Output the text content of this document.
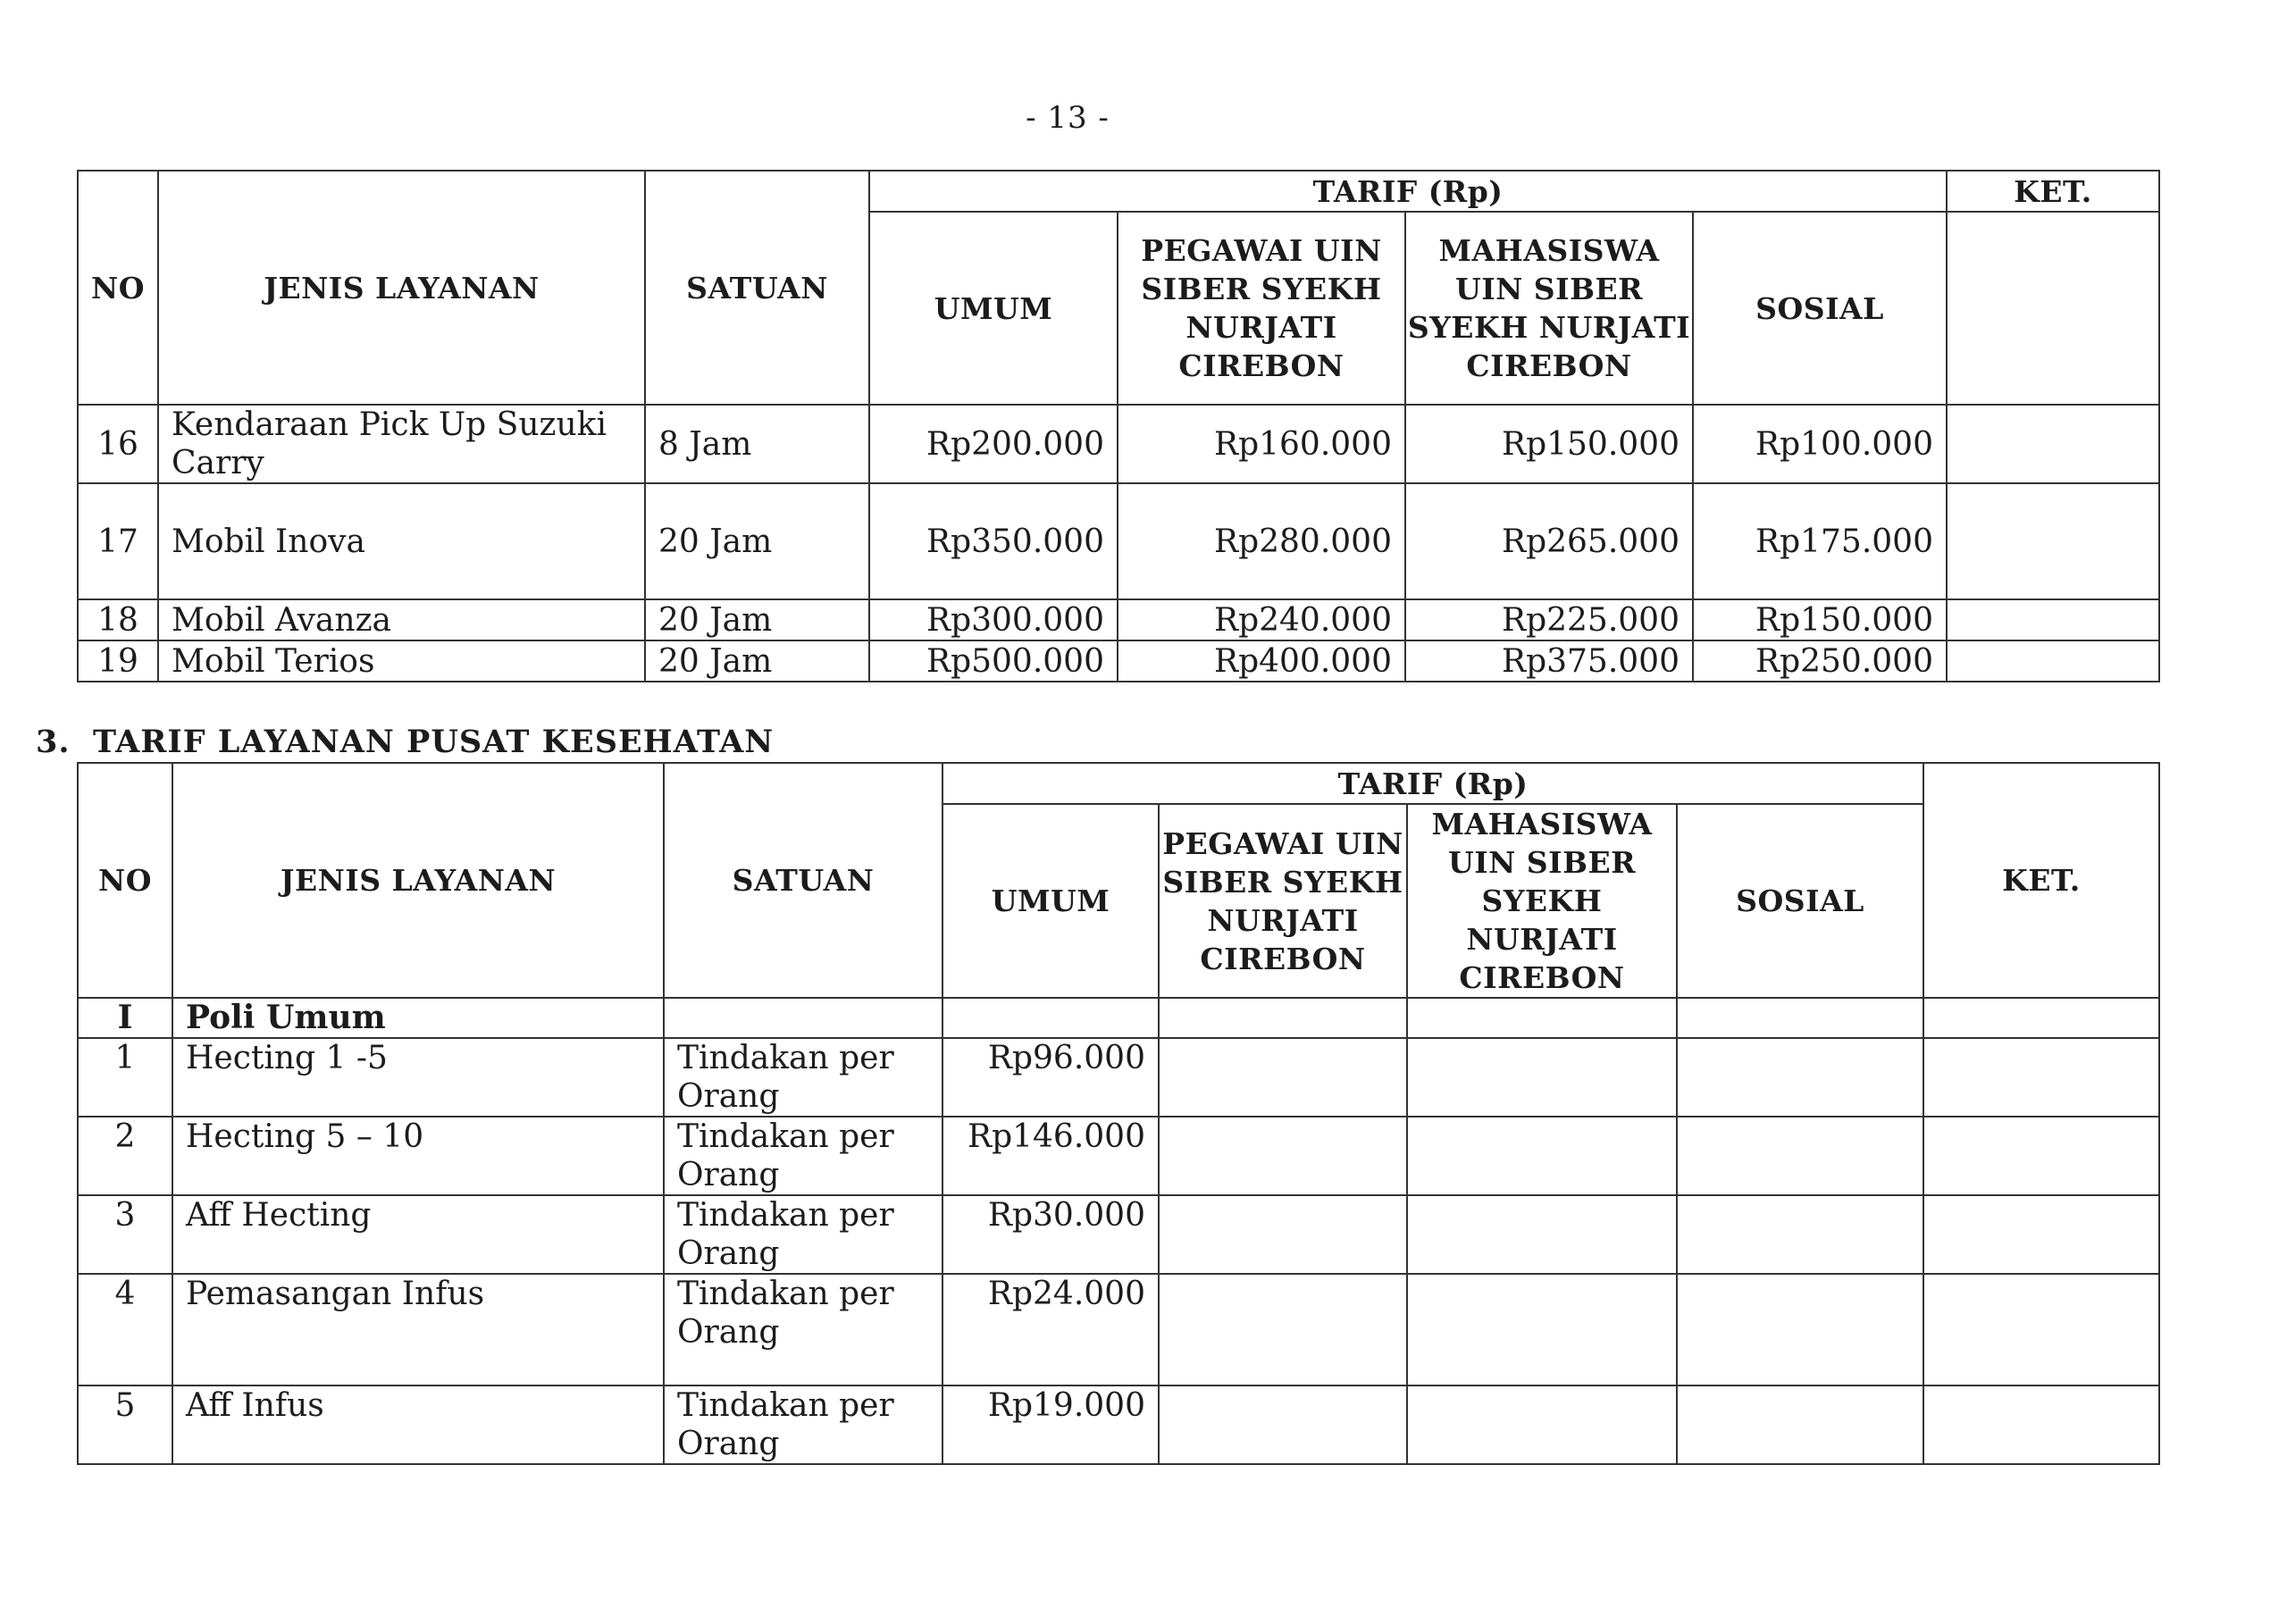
- 13 -
NO	JENIS LAYANAN	SATUAN	TARIF (Rp)				KET.
			UMUM	PEGAWAI UIN SIBER SYEKH NURJATI CIREBON	MAHASISWA UIN SIBER SYEKH NURJATI CIREBON	SOSIAL	
16	Kendaraan Pick Up Suzuki Carry	8 Jam	Rp200.000	Rp160.000	Rp150.000	Rp100.000	
17	Mobil Inova	20 Jam	Rp350.000	Rp280.000	Rp265.000	Rp175.000	
18	Mobil Avanza	20 Jam	Rp300.000	Rp240.000	Rp225.000	Rp150.000	
19	Mobil Terios	20 Jam	Rp500.000	Rp400.000	Rp375.000	Rp250.000	
3. TARIF LAYANAN PUSAT KESEHATAN
NO	JENIS LAYANAN	SATUAN	TARIF (Rp)				KET.
			UMUM	PEGAWAI UIN SIBER SYEKH NURJATI CIREBON	MAHASISWA UIN SIBER SYEKH NURJATI CIREBON	SOSIAL	
I	Poli Umum						
1	Hecting 1 -5	Tindakan per Orang	Rp96.000				
2	Hecting 5 – 10	Tindakan per Orang	Rp146.000				
3	Aff Hecting	Tindakan per Orang	Rp30.000				
4	Pemasangan Infus	Tindakan per Orang	Rp24.000				
5	Aff Infus	Tindakan per Orang	Rp19.000				
